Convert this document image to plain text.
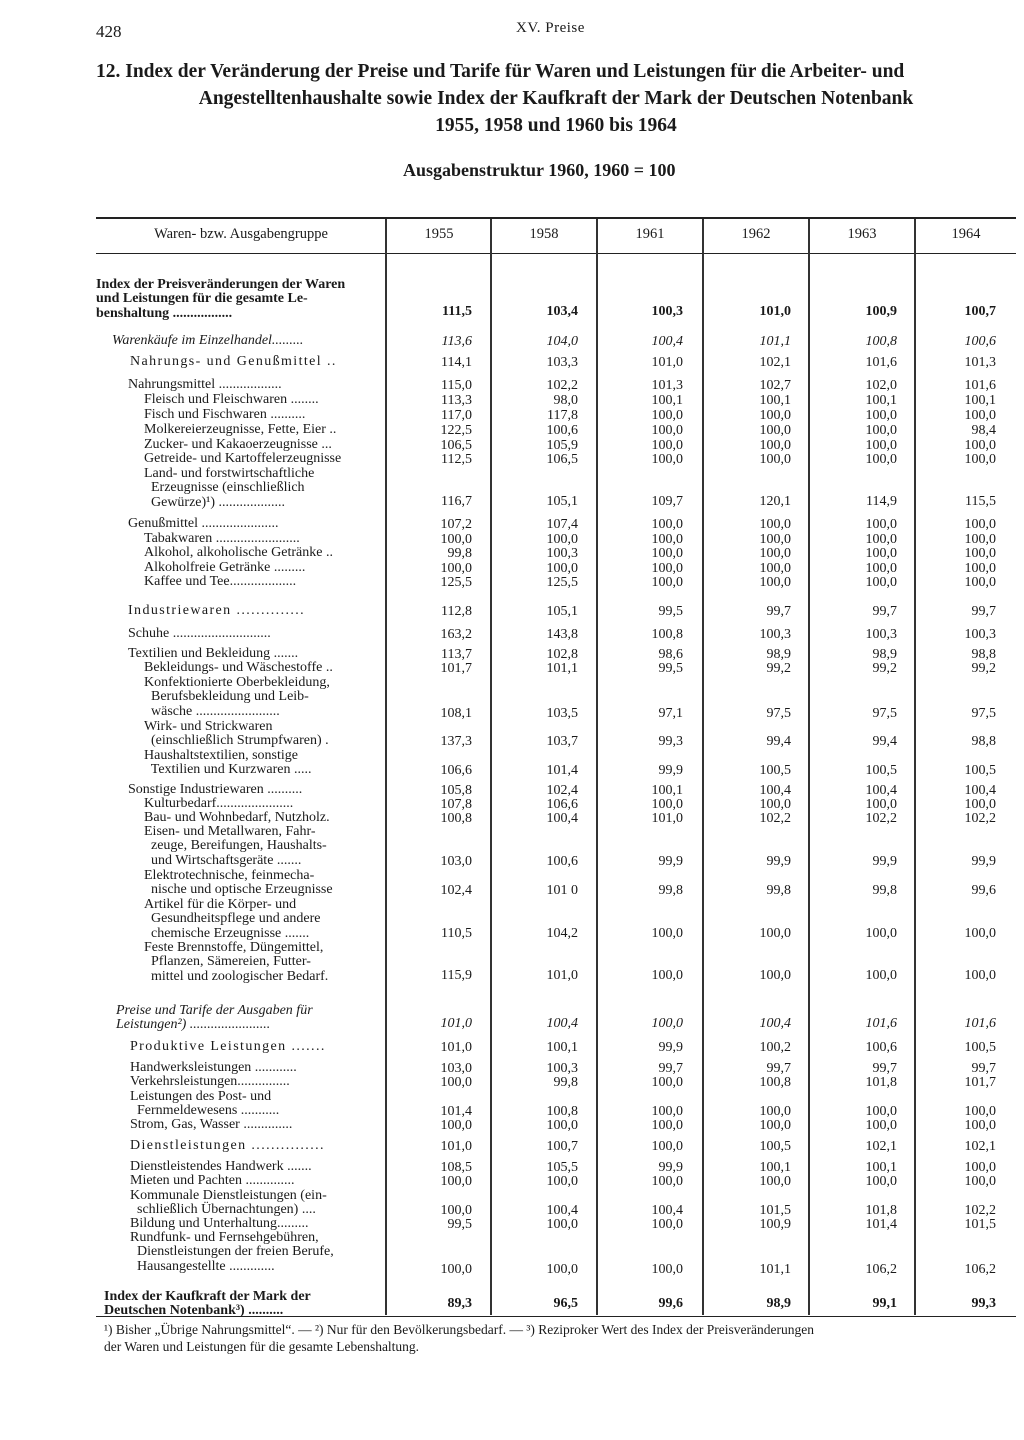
428	XV. Preise
12. Index der Veränderung der Preise und Tarife für Waren und Leistungen für die Arbeiter- und
Angestelltenhaushalte sowie Index der Kaufkraft der Mark der Deutschen Notenbank
1955, 1958 und 1960 bis 1964
Ausgabenstruktur 1960, 1960 = 100
Waren- bzw. Ausgabengruppe	1955	1958	1961	1962	1963	1964
Index der Preisveränderungen der Waren
und Leistungen für die gesamte Le-
benshaltung .................	111,5	103,4	100,3	101,0	100,9	100,7
Warenkäufe im Einzelhandel.........	113,6	104,0	100,4	101,1	100,8	100,6
Nahrungs- und Genußmittel ..	114,1	103,3	101,0	102,1	101,6	101,3
Nahrungsmittel ..................	115,0	102,2	101,3	102,7	102,0	101,6
Fleisch und Fleischwaren ........	113,3	98,0	100,1	100,1	100,1	100,1
Fisch und Fischwaren ..........	117,0	117,8	100,0	100,0	100,0	100,0
Molkereierzeugnisse, Fette, Eier ..	122,5	100,6	100,0	100,0	100,0	98,4
Zucker- und Kakaoerzeugnisse ...	106,5	105,9	100,0	100,0	100,0	100,0
Getreide- und Kartoffelerzeugnisse	112,5	106,5	100,0	100,0	100,0	100,0
Land- und forstwirtschaftliche
Erzeugnisse (einschließlich
Gewürze)¹) ...................	116,7	105,1	109,7	120,1	114,9	115,5
Genußmittel ......................	107,2	107,4	100,0	100,0	100,0	100,0
Tabakwaren ........................	100,0	100,0	100,0	100,0	100,0	100,0
Alkohol, alkoholische Getränke ..	99,8	100,3	100,0	100,0	100,0	100,0
Alkoholfreie Getränke .........	100,0	100,0	100,0	100,0	100,0	100,0
Kaffee und Tee...................	125,5	125,5	100,0	100,0	100,0	100,0
Industriewaren ..............	112,8	105,1	99,5	99,7	99,7	99,7
Schuhe ............................	163,2	143,8	100,8	100,3	100,3	100,3
Textilien und Bekleidung .......	113,7	102,8	98,6	98,9	98,9	98,8
Bekleidungs- und Wäschestoffe ..	101,7	101,1	99,5	99,2	99,2	99,2
Konfektionierte Oberbekleidung,
Berufsbekleidung und Leib-
wäsche ........................	108,1	103,5	97,1	97,5	97,5	97,5
Wirk- und Strickwaren
(einschließlich Strumpfwaren) .	137,3	103,7	99,3	99,4	99,4	98,8
Haushaltstextilien, sonstige
Textilien und Kurzwaren .....	106,6	101,4	99,9	100,5	100,5	100,5
Sonstige Industriewaren ..........	105,8	102,4	100,1	100,4	100,4	100,4
Kulturbedarf......................	107,8	106,6	100,0	100,0	100,0	100,0
Bau- und Wohnbedarf, Nutzholz.	100,8	100,4	101,0	102,2	102,2	102,2
Eisen- und Metallwaren, Fahr-
zeuge, Bereifungen, Haushalts-
und Wirtschaftsgeräte .......	103,0	100,6	99,9	99,9	99,9	99,9
Elektrotechnische, feinmecha-
nische und optische Erzeugnisse	102,4	101 0	99,8	99,8	99,8	99,6
Artikel für die Körper- und
Gesundheitspflege und andere
chemische Erzeugnisse .......	110,5	104,2	100,0	100,0	100,0	100,0
Feste Brennstoffe, Düngemittel,
Pflanzen, Sämereien, Futter-
mittel und zoologischer Bedarf.	115,9	101,0	100,0	100,0	100,0	100,0
Preise und Tarife der Ausgaben für
Leistungen²) .......................	101,0	100,4	100,0	100,4	101,6	101,6
Produktive Leistungen .......	101,0	100,1	99,9	100,2	100,6	100,5
Handwerksleistungen ............	103,0	100,3	99,7	99,7	99,7	99,7
Verkehrsleistungen...............	100,0	99,8	100,0	100,8	101,8	101,7
Leistungen des Post- und
Fernmeldewesens ...........	101,4	100,8	100,0	100,0	100,0	100,0
Strom, Gas, Wasser ..............	100,0	100,0	100,0	100,0	100,0	100,0
Dienstleistungen ...............	101,0	100,7	100,0	100,5	102,1	102,1
Dienstleistendes Handwerk .......	108,5	105,5	99,9	100,1	100,1	100,0
Mieten und Pachten ..............	100,0	100,0	100,0	100,0	100,0	100,0
Kommunale Dienstleistungen (ein-
schließlich Übernachtungen) ....	100,0	100,4	100,4	101,5	101,8	102,2
Bildung und Unterhaltung.........	99,5	100,0	100,0	100,9	101,4	101,5
Rundfunk- und Fernsehgebühren,
Dienstleistungen der freien Berufe,
Hausangestellte .............	100,0	100,0	100,0	101,1	106,2	106,2
Index der Kaufkraft der Mark der
Deutschen Notenbank³) ..........	89,3	96,5	99,6	98,9	99,1	99,3
¹) Bisher „Übrige Nahrungsmittel“. — ²) Nur für den Bevölkerungsbedarf. — ³) Reziproker Wert des Index der Preisveränderungen
der Waren und Leistungen für die gesamte Lebenshaltung.
